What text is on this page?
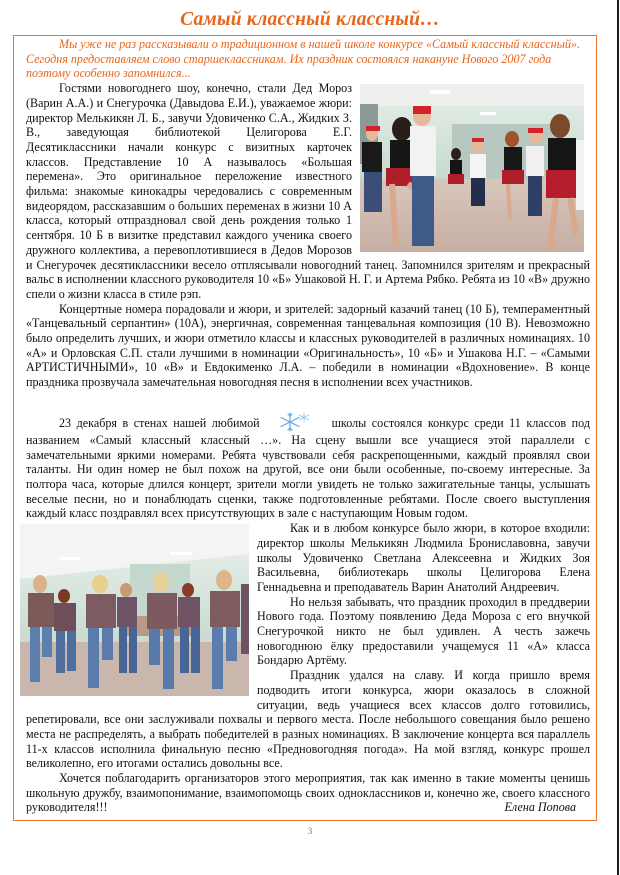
Самый классный классный…

Мы уже не раз рассказывали о традиционном в нашей школе конкурсе «Самый классный классный». Сегодня предоставляем слово старшеклассникам. Их праздник состоялся накануне Нового 2007 года поэтому особенно запомнился...

Гостями новогоднего шоу, конечно, стали Дед Мороз (Варин А.А.) и Снегурочка (Давыдова Е.И.), уважаемое жюри: директор Мелькикян Л. Б., завучи Удовиченко С.А., Жидких З. В., заведующая библиотекой Целигорова Е.Г. Десятиклассники начали конкурс с визитных карточек классов. Представление 10 А называлось «Большая перемена». Это оригинальное переложение известного фильма: знакомые кинокадры чередовались с современным видеорядом, рассказавшим о больших переменах в жизни 10 А класса, который отпраздновал свой день рождения только 1 сентября. 10 Б в визитке представил каждого ученика своего дружного коллектива, а перевоплотившиеся в Дедов Морозов и Снегурочек десятиклассники весело отплясывали новогодний танец. Запомнился зрителям и прекрасный вальс в исполнении классного руководителя 10 «Б» Ушаковой Н. Г. и Артема Рябко. Ребята из 10 «В» дружно спели о жизни класса в стиле рэп.

Концертные номера порадовали и жюри, и зрителей: задорный казачий танец (10 Б), темпераментный «Танцевальный серпантин» (10А), энергичная, современная танцевальная композиция (10 В). Невозможно было определить лучших, и жюри отметило классы и классных руководителей в различных номинациях. 10 «А» и Орловская С.П. стали лучшими в номинации «Оригинальность», 10 «Б» и Ушакова Н.Г. – «Самыми АРТИСТИЧНЫМИ», 10 «В» и Евдокименко Л.А. – победили в номинации «Вдохновение». В конце праздника прозвучала замечательная новогодняя песня в исполнении всех участников.

23 декабря в стенах нашей любимой	школы состоялся конкурс среди 11 классов под названием «Самый классный классный …». На сцену вышли все учащиеся этой параллели с замечательными яркими номерами. Ребята чувствовали себя раскрепощенными, каждый проявлял свои таланты. Ни один номер не был похож на другой, все они были особенные, по-своему интересные. За полтора часа, которые длился концерт, зрители могли увидеть не только зажигательные танцы, услышать веселые песни, но и понаблюдать сценки, также подготовленные ребятами. После своего выступления каждый класс поздравлял всех присутствующих в зале с наступающим Новым годом.

Как и в любом конкурсе было жюри, в которое входили: директор школы Мелькикян Людмила Брониславовна, завучи школы Удовиченко Светлана Алексеевна и Жидких Зоя Васильевна, библиотекарь школы Целигорова Елена Геннадьевна и преподаватель Варин Анатолий Андреевич.

Но нельзя забывать, что праздник проходил в преддверии Нового года. Поэтому появлению Деда Мороза с его внучкой Снегурочкой никто не был удивлен. А честь зажечь новогоднюю ёлку предоставили учащемуся 11 «А» класса Бондарю Артёму.

Праздник удался на славу. И когда пришло время подводить итоги конкурса, жюри оказалось в сложной ситуации, ведь учащиеся всех классов долго готовились, репетировали, все они заслуживали похвалы и первого места. После небольшого совещания было решено места не распределять, а выбрать победителей в разных номинациях. В заключение концерта вся параллель 11-х классов исполнила финальную песню «Предновогодняя погода». На мой взгляд, конкурс прошел великолепно, его итогами остались довольны все.

Хочется поблагодарить организаторов этого мероприятия, так как именно в такие моменты ценишь школьную дружбу, взаимопонимание, взаимопомощь своих одноклассников и, конечно же, своего классного руководителя!!!	Елена Попова

3
